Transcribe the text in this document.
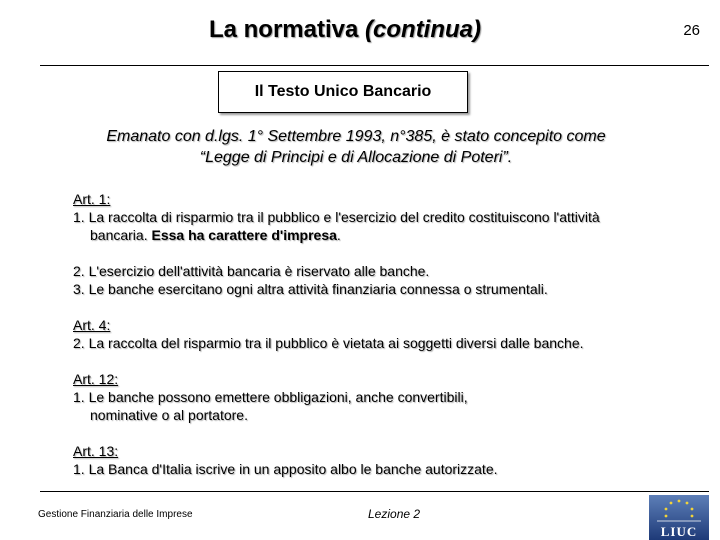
La normativa (continua)	26
Il Testo Unico Bancario
Emanato con d.lgs. 1° Settembre 1993, n°385, è stato concepito come
“Legge di Principi e di Allocazione di Poteri”.
Art. 1:
1. La raccolta di risparmio tra il pubblico e l'esercizio del credito costituiscono l'attività
bancaria. Essa ha carattere d'impresa.
2. L'esercizio dell'attività bancaria è riservato alle banche.
3. Le banche esercitano ogni altra attività finanziaria connessa o strumentali.
Art. 4:
2. La raccolta del risparmio tra il pubblico è vietata ai soggetti diversi dalle banche.
Art. 12:
1. Le banche possono emettere obbligazioni, anche convertibili,
nominative o al portatore.
Art. 13:
1. La Banca d'Italia iscrive in un apposito albo le banche autorizzate.
Gestione Finanziaria delle Imprese	Lezione 2
LIUC
